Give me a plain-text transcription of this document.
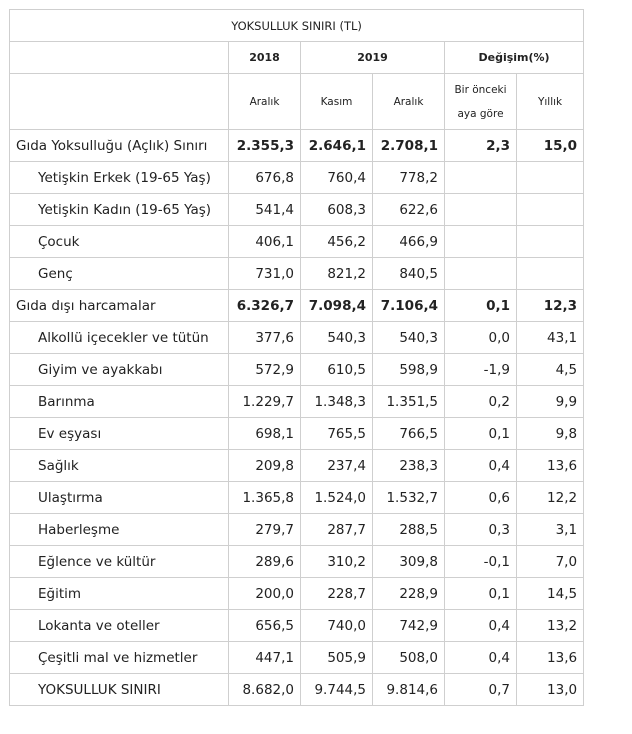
YOKSULLUK SINIRI (TL)					
	2018	2019		Değişim(%)	
	Aralık	Kasım	Aralık	Bir önceki aya göre	Yıllık
Gıda Yoksulluğu (Açlık) Sınırı	2.355,3	2.646,1	2.708,1	2,3	15,0
Yetişkin Erkek (19-65 Yaş)	676,8	760,4	778,2		
Yetişkin Kadın (19-65 Yaş)	541,4	608,3	622,6		
Çocuk	406,1	456,2	466,9		
Genç	731,0	821,2	840,5		
Gıda dışı harcamalar	6.326,7	7.098,4	7.106,4	0,1	12,3
Alkollü içecekler ve tütün	377,6	540,3	540,3	0,0	43,1
Giyim ve ayakkabı	572,9	610,5	598,9	-1,9	4,5
Barınma	1.229,7	1.348,3	1.351,5	0,2	9,9
Ev eşyası	698,1	765,5	766,5	0,1	9,8
Sağlık	209,8	237,4	238,3	0,4	13,6
Ulaştırma	1.365,8	1.524,0	1.532,7	0,6	12,2
Haberleşme	279,7	287,7	288,5	0,3	3,1
Eğlence ve kültür	289,6	310,2	309,8	-0,1	7,0
Eğitim	200,0	228,7	228,9	0,1	14,5
Lokanta ve oteller	656,5	740,0	742,9	0,4	13,2
Çeşitli mal ve hizmetler	447,1	505,9	508,0	0,4	13,6
YOKSULLUK SINIRI	8.682,0	9.744,5	9.814,6	0,7	13,0
